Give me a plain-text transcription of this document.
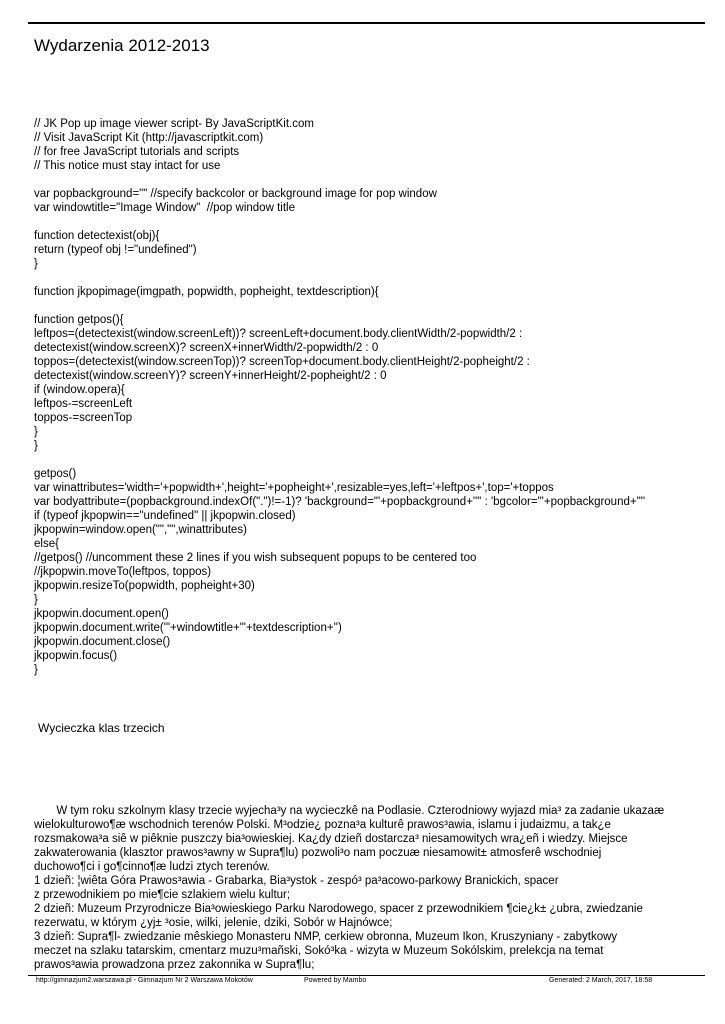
Wydarzenia 2012-2013
// JK Pop up image viewer script- By JavaScriptKit.com
// Visit JavaScript Kit (http://javascriptkit.com)
// for free JavaScript tutorials and scripts
// This notice must stay intact for use
var popbackground="" //specify backcolor or background image for pop window
var windowtitle="Image Window"  //pop window title
function detectexist(obj){
return (typeof obj !="undefined")
}
function jkpopimage(imgpath, popwidth, popheight, textdescription){
function getpos(){
leftpos=(detectexist(window.screenLeft))? screenLeft+document.body.clientWidth/2-popwidth/2 :
detectexist(window.screenX)? screenX+innerWidth/2-popwidth/2 : 0
toppos=(detectexist(window.screenTop))? screenTop+document.body.clientHeight/2-popheight/2 :
detectexist(window.screenY)? screenY+innerHeight/2-popheight/2 : 0
if (window.opera){
leftpos-=screenLeft
toppos-=screenTop
}
}
getpos()
var winattributes='width='+popwidth+',height='+popheight+',resizable=yes,left='+leftpos+',top='+toppos
var bodyattribute=(popbackground.indexOf(".")!=-1)? 'background="'+popbackground+'"' : 'bgcolor="'+popbackground+'"'
if (typeof jkpopwin=="undefined" || jkpopwin.closed)
jkpopwin=window.open("","",winattributes)
else{
//getpos() //uncomment these 2 lines if you wish subsequent popups to be centered too
//jkpopwin.moveTo(leftpos, toppos)
jkpopwin.resizeTo(popwidth, popheight+30)
}
jkpopwin.document.open()
jkpopwin.document.write('"+windowtitle+"'+textdescription+'')
jkpopwin.document.close()
jkpopwin.focus()
}
Wycieczka klas trzecich
W tym roku szkolnym klasy trzecie wyjecha³y na wycieczkê na Podlasie. Czterodniowy wyjazd mia³ za zadanie ukazaæ
wielokulturowo¶æ wschodnich terenów Polski. M³odzie¿ pozna³a kulturê prawos³awia, islamu i judaizmu, a tak¿e
rozsmakowa³a siê w piêknie puszczy bia³owieskiej. Ka¿dy dzieñ dostarcza³ niesamowitych wra¿eñ i wiedzy. Miejsce
zakwaterowania (klasztor prawos³awny w Supra¶lu) pozwoli³o nam poczuæ niesamowit± atmosferê wschodniej
duchowo¶ci i go¶cinno¶æ ludzi ztych terenów.
1 dzieñ: ¦wiêta Góra Prawos³awia - Grabarka, Bia³ystok - zespó³ pa³acowo-parkowy Branickich, spacer
z przewodnikiem po mie¶cie szlakiem wielu kultur;
2 dzieñ: Muzeum Przyrodnicze Bia³owieskiego Parku Narodowego, spacer z przewodnikiem ¶cie¿k± ¿ubra, zwiedzanie
rezerwatu, w którym ¿yj± ³osie, wilki, jelenie, dziki, Sobór w Hajnówce;
3 dzieñ: Supra¶l- zwiedzanie mêskiego Monasteru NMP, cerkiew obronna, Muzeum Ikon, Kruszyniany - zabytkowy
meczet na szlaku tatarskim, cmentarz muzu³mañski, Sokó³ka - wizyta w Muzeum Sokólskim, prelekcja na temat
prawos³awia prowadzona przez zakonnika w Supra¶lu;
http://gimnazjum2.warszawa.pl - Gimnazjum Nr 2 Warszawa Mokotów	Powered by Mambo	Generated: 2 March, 2017, 18:58
